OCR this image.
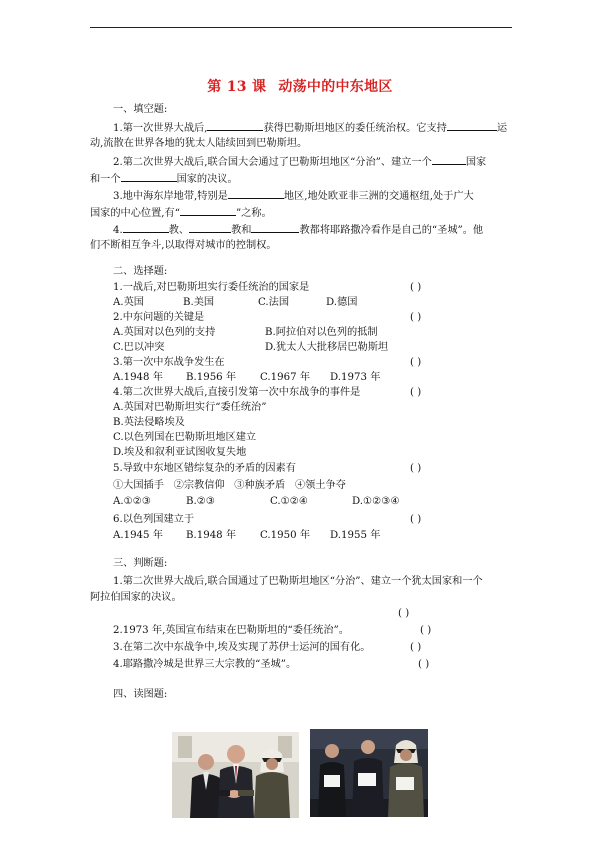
第 13 课 动荡中的中东地区
一、填空题:
1.第一次世界大战后,	获得巴勒斯坦地区的委任统治权。它支持	运
动,流散在世界各地的犹太人陆续回到巴勒斯坦。
2.第二次世界大战后,联合国大会通过了巴勒斯坦地区“分治”、建立一个	国家
和一个	国家的决议。
3.地中海东岸地带,特别是	地区,地处欧亚非三洲的交通枢纽,处于广大
国家的中心位置,有“	”之称。
4.	教、	教和	教都将耶路撒冷看作是自己的“圣城”。他
们不断相互争斗,以取得对城市的控制权。
二、选择题:
1.一战后,对巴勒斯坦实行委任统治的国家是	( )
A.英国	B.美国	C.法国	D.德国
2.中东问题的关键是	( )
A.英国对以色列的支持	B.阿拉伯对以色列的抵制
C.巴以冲突	D.犹太人大批移居巴勒斯坦
3.第一次中东战争发生在	( )
A.1948 年 B.1956 年 C.1967 年 D.1973 年
4.第二次世界大战后,直接引发第一次中东战争的事件是	( )
A.英国对巴勒斯坦实行“委任统治”
B.英法侵略埃及
C.以色列国在巴勒斯坦地区建立
D.埃及和叙利亚试图收复失地
5.导致中东地区错综复杂的矛盾的因素有	( )
①大国插手   ②宗教信仰   ③种族矛盾   ④领土争夺
A.①②③	B.②③	C.①②④	D.①②③④
6.以色列国建立于	( )
A.1945 年 B.1948 年 C.1950 年 D.1955 年
三、判断题:
1.第二次世界大战后,联合国通过了巴勒斯坦地区“分治”、建立一个犹太国家和一个
阿拉伯国家的决议。
( )
2.1973 年,英国宣布结束在巴勒斯坦的“委任统治”。	( )
3.在第二次中东战争中,埃及实现了苏伊士运河的国有化。	( )
4.耶路撒冷城是世界三大宗教的“圣城”。	( )
四、读图题:
